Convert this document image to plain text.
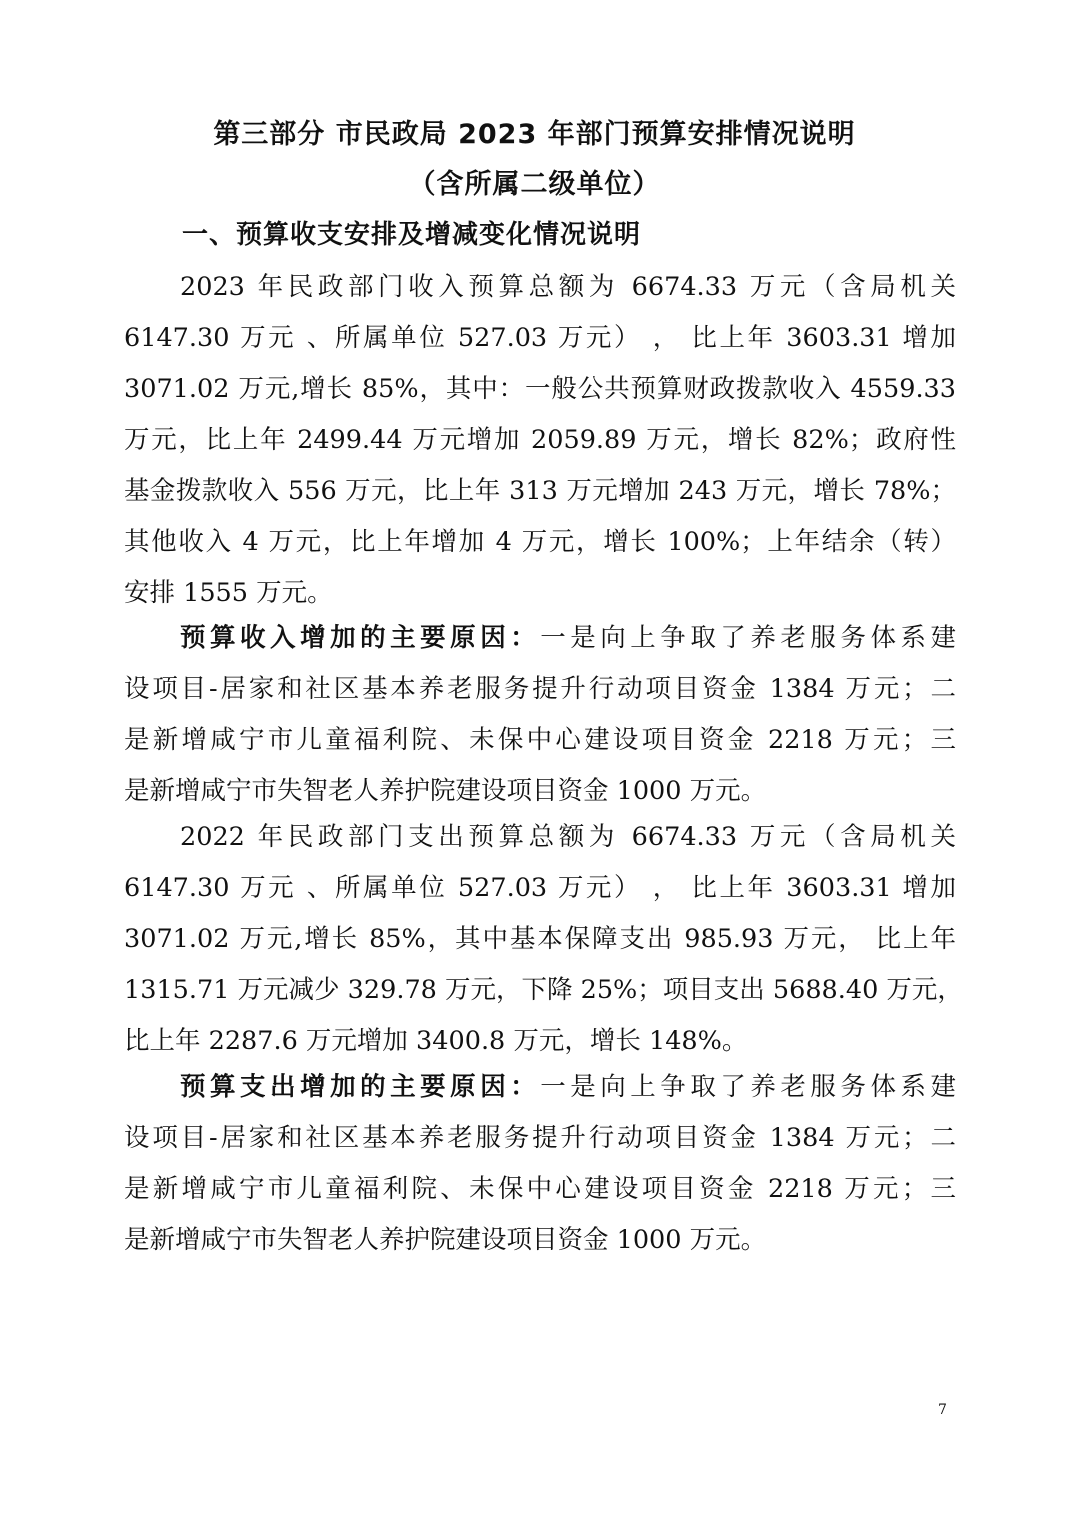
第三部分 市民政局 2023 年部门预算安排情况说明
（含所属二级单位）
一、预算收支安排及增减变化情况说明
2023 年民政部门收入预算总额为 6674.33 万元（含局机关
6147.30 万元 、所属单位 527.03 万元） ， 比上年 3603.31 增加
3071.02 万元,增长 85%，其中：一般公共预算财政拨款收入 4559.33
万元，比上年 2499.44 万元增加 2059.89 万元，增长 82%；政府性
基金拨款收入 556 万元，比上年 313 万元增加 243 万元，增长 78%；
其他收入 4 万元，比上年增加 4 万元，增长 100%；上年结余（转）
安排 1555 万元。
预算收入增加的主要原因：一是向上争取了养老服务体系建
设项目-居家和社区基本养老服务提升行动项目资金 1384 万元；二
是新增咸宁市儿童福利院、未保中心建设项目资金 2218 万元；三
是新增咸宁市失智老人养护院建设项目资金 1000 万元。
2022 年民政部门支出预算总额为 6674.33 万元（含局机关
6147.30 万元 、所属单位 527.03 万元） ， 比上年 3603.31 增加
3071.02 万元,增长 85%，其中基本保障支出 985.93 万元， 比上年
1315.71 万元减少 329.78 万元，下降 25%；项目支出 5688.40 万元，
比上年 2287.6 万元增加 3400.8 万元，增长 148%。
预算支出增加的主要原因：一是向上争取了养老服务体系建
设项目-居家和社区基本养老服务提升行动项目资金 1384 万元；二
是新增咸宁市儿童福利院、未保中心建设项目资金 2218 万元；三
是新增咸宁市失智老人养护院建设项目资金 1000 万元。
7
